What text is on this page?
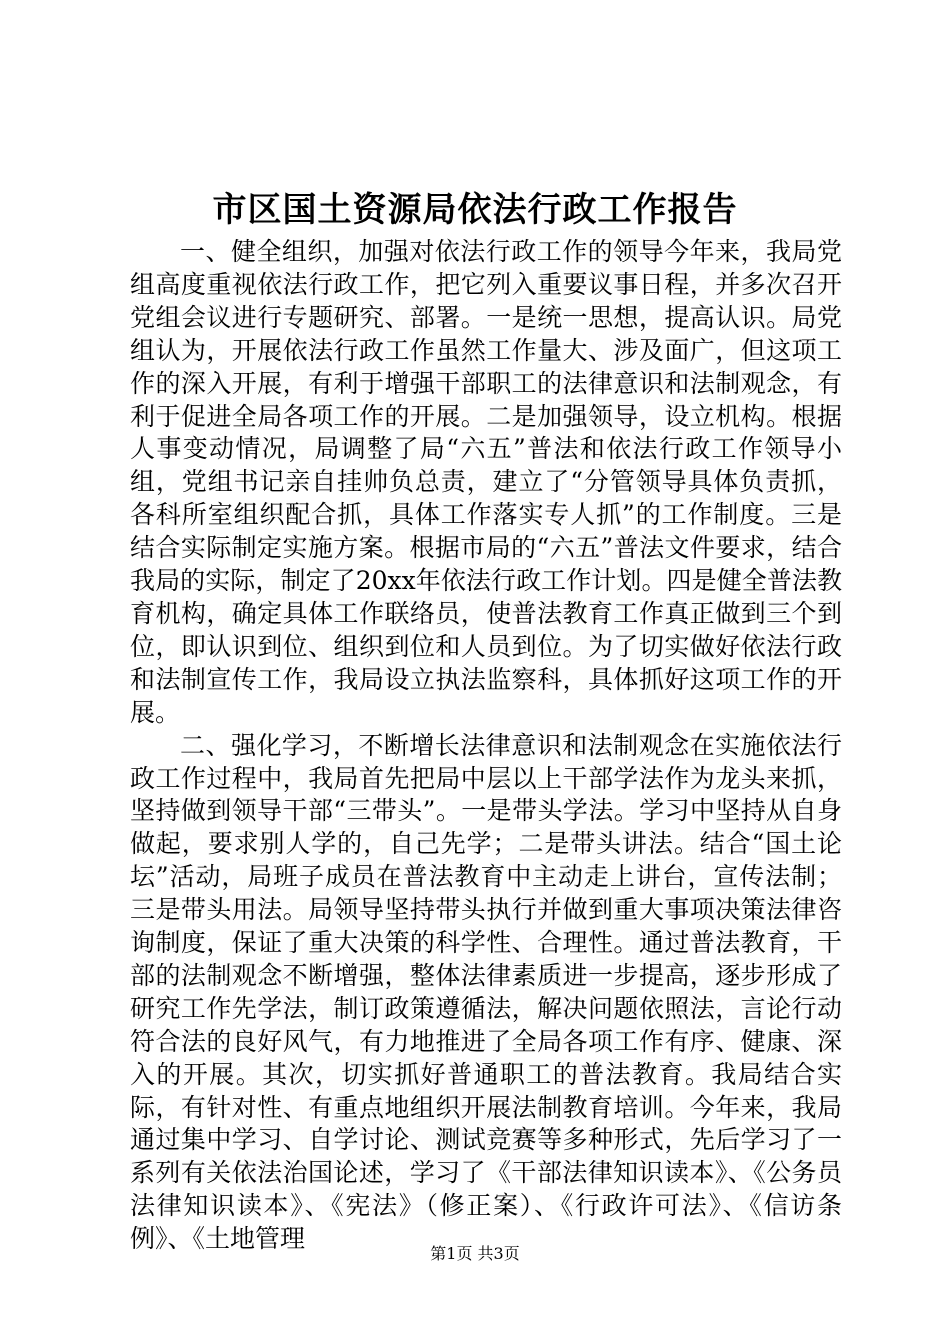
市区国土资源局依法行政工作报告

一、健全组织，加强对依法行政工作的领导今年来，我局党组高度重视依法行政工作，把它列入重要议事日程，并多次召开党组会议进行专题研究、部署。一是统一思想，提高认识。局党组认为，开展依法行政工作虽然工作量大、涉及面广，但这项工作的深入开展，有利于增强干部职工的法律意识和法制观念，有利于促进全局各项工作的开展。二是加强领导，设立机构。根据人事变动情况，局调整了局“六五”普法和依法行政工作领导小组，党组书记亲自挂帅负总责，建立了“分管领导具体负责抓，各科所室组织配合抓，具体工作落实专人抓”的工作制度。三是结合实际制定实施方案。根据市局的“六五”普法文件要求，结合我局的实际，制定了20xx年依法行政工作计划。四是健全普法教育机构，确定具体工作联络员，使普法教育工作真正做到三个到位，即认识到位、组织到位和人员到位。为了切实做好依法行政和法制宣传工作，我局设立执法监察科，具体抓好这项工作的开展。

二、强化学习，不断增长法律意识和法制观念在实施依法行政工作过程中，我局首先把局中层以上干部学法作为龙头来抓，坚持做到领导干部“三带头”。一是带头学法。学习中坚持从自身做起，要求别人学的，自己先学；二是带头讲法。结合“国土论坛”活动，局班子成员在普法教育中主动走上讲台，宣传法制；三是带头用法。局领导坚持带头执行并做到重大事项决策法律咨询制度，保证了重大决策的科学性、合理性。通过普法教育，干部的法制观念不断增强，整体法律素质进一步提高，逐步形成了研究工作先学法，制订政策遵循法，解决问题依照法，言论行动符合法的良好风气，有力地推进了全局各项工作有序、健康、深入的开展。其次，切实抓好普通职工的普法教育。我局结合实际，有针对性、有重点地组织开展法制教育培训。今年来，我局通过集中学习、自学讨论、测试竞赛等多种形式，先后学习了一系列有关依法治国论述，学习了《干部法律知识读本》、《公务员法律知识读本》、《宪法》（修正案）、《行政许可法》、《信访条例》、《土地管理

第1页 共3页
